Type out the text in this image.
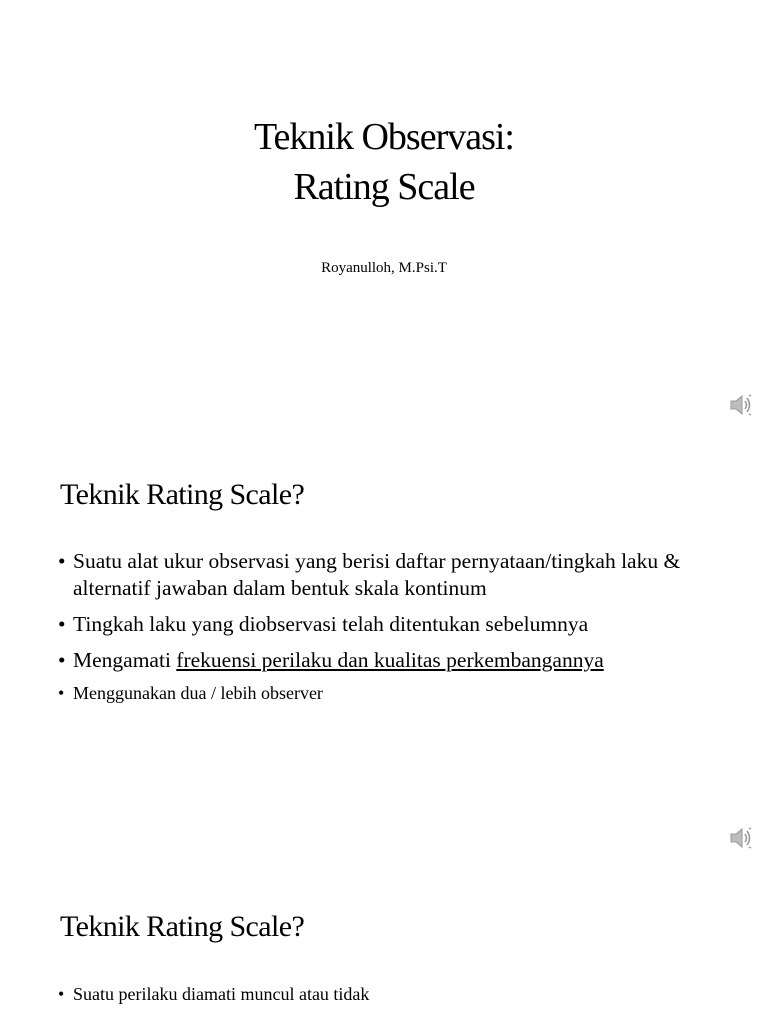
Teknik Observasi:
Rating Scale
Royanulloh, M.Psi.T
Teknik Rating Scale?
• Suatu alat ukur observasi yang berisi daftar pernyataan/tingkah laku & alternatif jawaban dalam bentuk skala kontinum
• Tingkah laku yang diobservasi telah ditentukan sebelumnya
• Mengamati frekuensi perilaku dan kualitas perkembangannya
• Menggunakan dua / lebih observer
Teknik Rating Scale?
• Suatu perilaku diamati muncul atau tidak
